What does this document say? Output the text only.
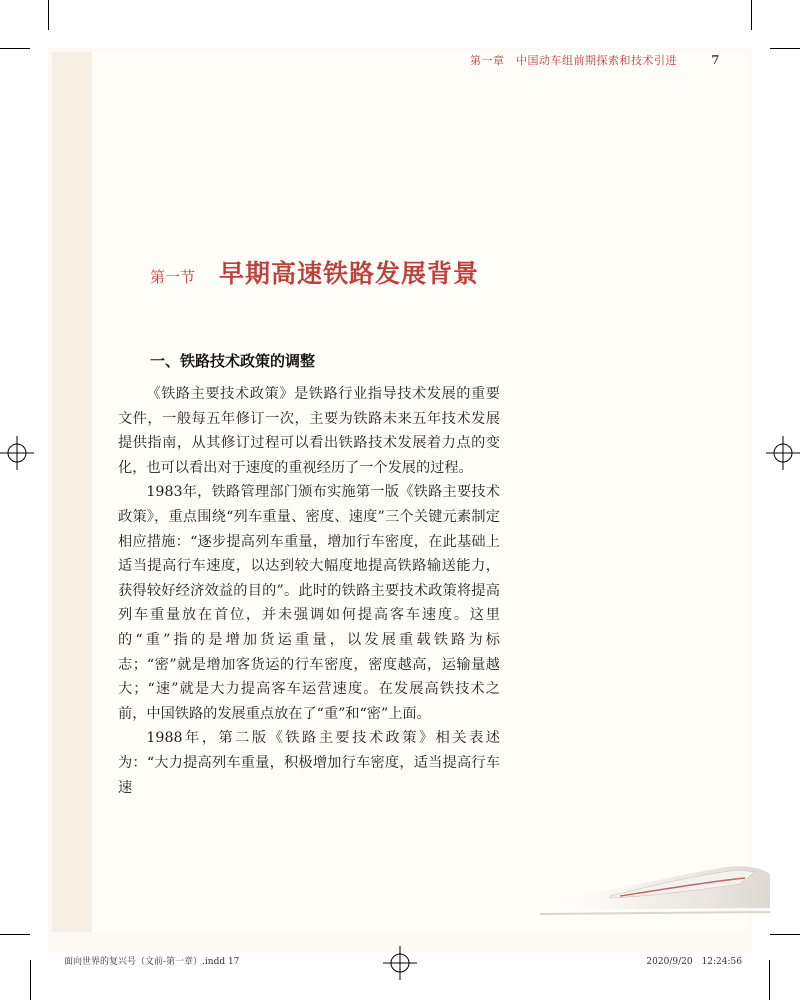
第一章　中国动车组前期探索和技术引进	7
第一节 早期高速铁路发展背景
一、铁路技术政策的调整

《铁路主要技术政策》是铁路行业指导技术发展的重要文件，一般每五年修订一次，主要为铁路未来五年技术发展提供指南，从其修订过程可以看出铁路技术发展着力点的变化，也可以看出对于速度的重视经历了一个发展的过程。

1983年，铁路管理部门颁布实施第一版《铁路主要技术政策》，重点围绕“列车重量、密度、速度”三个关键元素制定相应措施：“逐步提高列车重量，增加行车密度，在此基础上适当提高行车速度，以达到较大幅度地提高铁路输送能力，获得较好经济效益的目的”。此时的铁路主要技术政策将提高列车重量放在首位，并未强调如何提高客车速度。这里的“重”指的是增加货运重量，以发展重载铁路为标志；“密”就是增加客货运的行车密度，密度越高，运输量越大；“速”就是大力提高客车运营速度。在发展高铁技术之前，中国铁路的发展重点放在了“重”和“密”上面。

1988年，第二版《铁路主要技术政策》相关表述为：“大力提高列车重量，积极增加行车密度，适当提高行车速

面向世界的复兴号（文前-第一章）.indd 17	2020/9/20　12:24:56
